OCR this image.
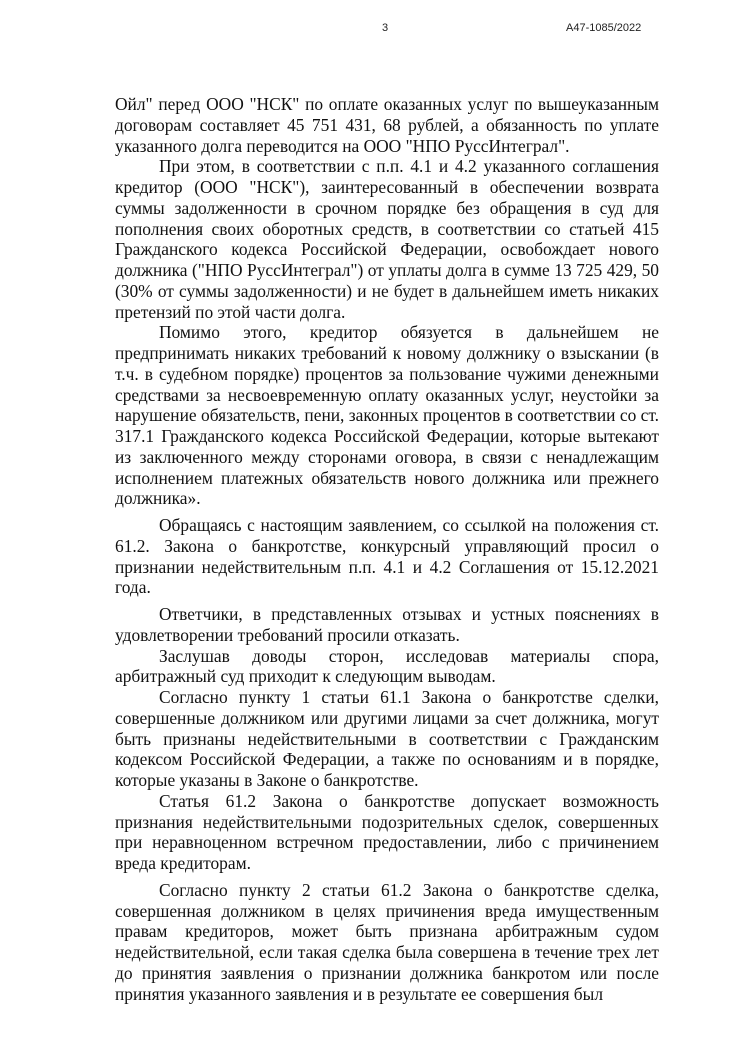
3	А47-1085/2022

Ойл" перед ООО "НСК" по оплате оказанных услуг по вышеуказанным договорам составляет 45 751 431, 68 рублей, а обязанность по уплате указанного долга переводится на ООО "НПО РуссИнтеграл".

При этом, в соответствии с п.п. 4.1 и 4.2 указанного соглашения кредитор (ООО "НСК"), заинтересованный в обеспечении возврата суммы задолженности в срочном порядке без обращения в суд для пополнения своих оборотных средств, в соответствии со статьей 415 Гражданского кодекса Российской Федерации, освобождает нового должника ("НПО РуссИнтеграл") от уплаты долга в сумме 13 725 429, 50 (30% от суммы задолженности) и не будет в дальнейшем иметь никаких претензий по этой части долга.

Помимо этого, кредитор обязуется в дальнейшем не предпринимать никаких требований к новому должнику о взыскании (в т.ч. в судебном порядке) процентов за пользование чужими денежными средствами за несвоевременную оплату оказанных услуг, неустойки за нарушение обязательств, пени, законных процентов в соответствии со ст. 317.1 Гражданского кодекса Российской Федерации, которые вытекают из заключенного между сторонами оговора, в связи с ненадлежащим исполнением платежных обязательств нового должника или прежнего должника».

Обращаясь с настоящим заявлением, со ссылкой на положения ст. 61.2. Закона о банкротстве, конкурсный управляющий просил о признании недействительным п.п. 4.1 и 4.2 Соглашения от 15.12.2021 года.

Ответчики, в представленных отзывах и устных пояснениях в удовлетворении требований просили отказать.

Заслушав доводы сторон, исследовав материалы спора, арбитражный суд приходит к следующим выводам.

Согласно пункту 1 статьи 61.1 Закона о банкротстве сделки, совершенные должником или другими лицами за счет должника, могут быть признаны недействительными в соответствии с Гражданским кодексом Российской Федерации, а также по основаниям и в порядке, которые указаны в Законе о банкротстве.

Статья 61.2 Закона о банкротстве допускает возможность признания недействительными подозрительных сделок, совершенных при неравноценном встречном предоставлении, либо с причинением вреда кредиторам.

Согласно пункту 2 статьи 61.2 Закона о банкротстве сделка, совершенная должником в целях причинения вреда имущественным правам кредиторов, может быть признана арбитражным судом недействительной, если такая сделка была совершена в течение трех лет до принятия заявления о признании должника банкротом или после принятия указанного заявления и в результате ее совершения был
